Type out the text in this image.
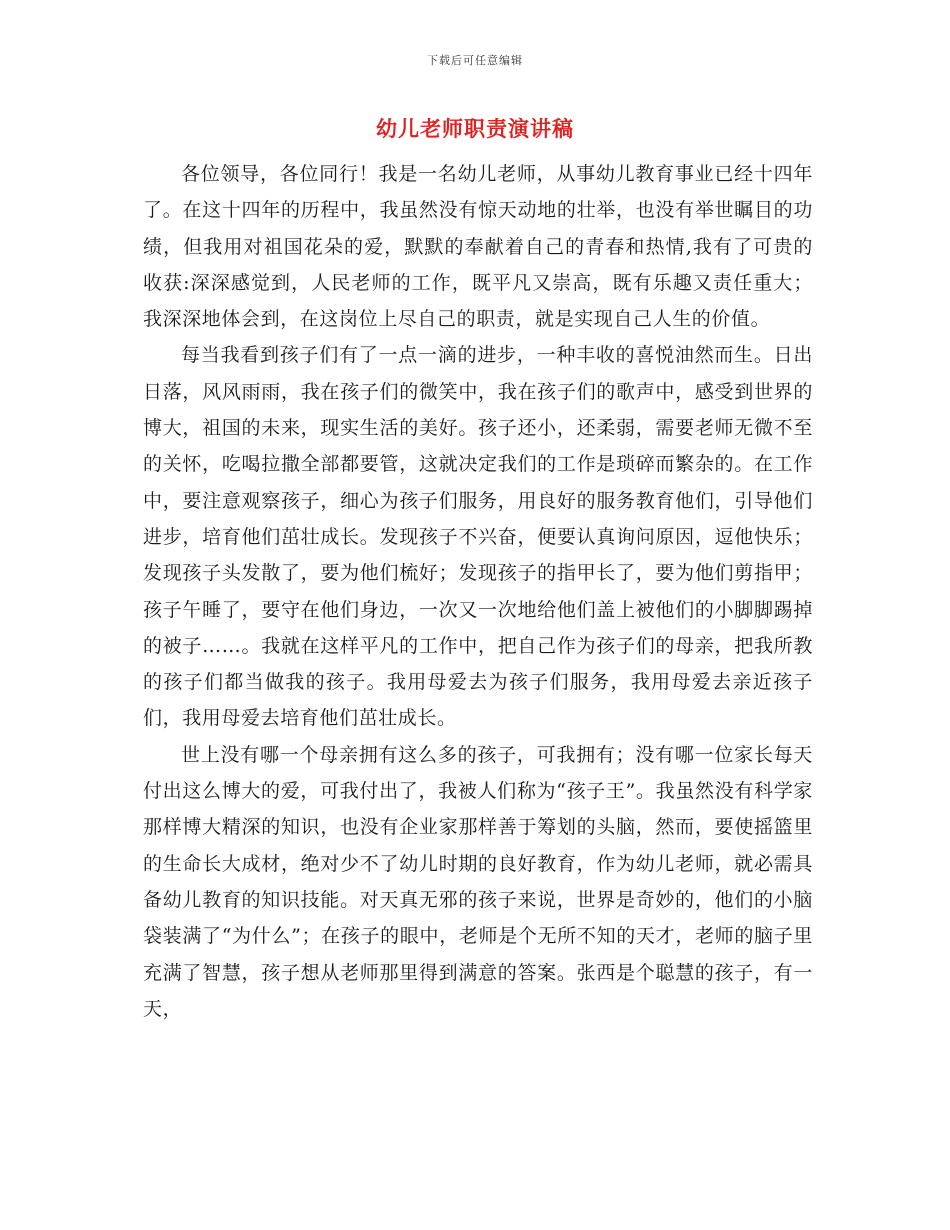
下载后可任意编辑
幼儿老师职责演讲稿

各位领导，各位同行！我是一名幼儿老师，从事幼儿教育事业已经十四年了。在这十四年的历程中，我虽然没有惊天动地的壮举，也没有举世瞩目的功绩，但我用对祖国花朵的爱，默默的奉献着自己的青春和热情,我有了可贵的收获:深深感觉到，人民老师的工作，既平凡又崇高，既有乐趣又责任重大；我深深地体会到，在这岗位上尽自己的职责，就是实现自己人生的价值。

每当我看到孩子们有了一点一滴的进步，一种丰收的喜悦油然而生。日出日落，风风雨雨，我在孩子们的微笑中，我在孩子们的歌声中，感受到世界的博大，祖国的未来，现实生活的美好。孩子还小，还柔弱，需要老师无微不至的关怀，吃喝拉撒全部都要管，这就决定我们的工作是琐碎而繁杂的。在工作中，要注意观察孩子，细心为孩子们服务，用良好的服务教育他们，引导他们进步，培育他们茁壮成长。发现孩子不兴奋，便要认真询问原因，逗他快乐；发现孩子头发散了，要为他们梳好；发现孩子的指甲长了，要为他们剪指甲；孩子午睡了，要守在他们身边，一次又一次地给他们盖上被他们的小脚脚踢掉的被子……。我就在这样平凡的工作中，把自己作为孩子们的母亲，把我所教的孩子们都当做我的孩子。我用母爱去为孩子们服务，我用母爱去亲近孩子们，我用母爱去培育他们茁壮成长。

世上没有哪一个母亲拥有这么多的孩子，可我拥有；没有哪一位家长每天付出这么博大的爱，可我付出了，我被人们称为“孩子王”。我虽然没有科学家那样博大精深的知识，也没有企业家那样善于筹划的头脑，然而，要使摇篮里的生命长大成材，绝对少不了幼儿时期的良好教育，作为幼儿老师，就必需具备幼儿教育的知识技能。对天真无邪的孩子来说，世界是奇妙的，他们的小脑袋装满了“为什么”；在孩子的眼中，老师是个无所不知的天才，老师的脑子里充满了智慧，孩子想从老师那里得到满意的答案。张西是个聪慧的孩子，有一天，
